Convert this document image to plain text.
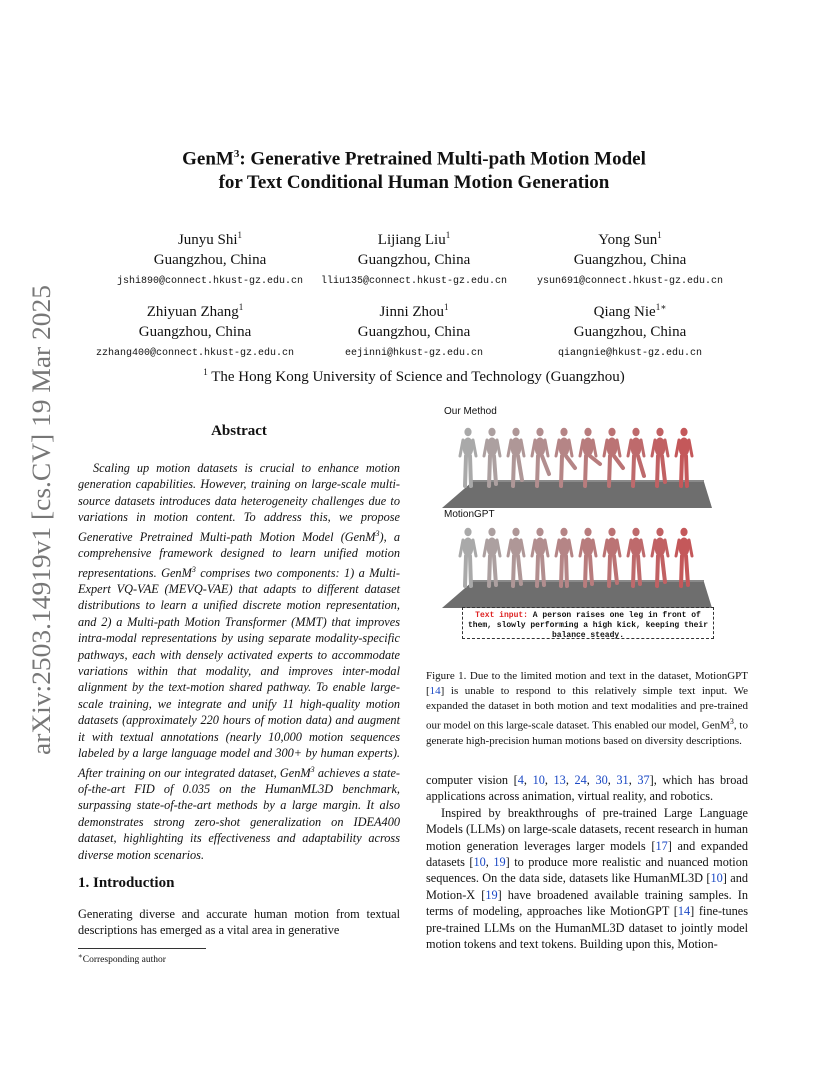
arXiv:2503.14919v1 [cs.CV] 19 Mar 2025
GenM$^3$: Generative Pretrained Multi-path Motion Model
for Text Conditional Human Motion Generation
Junyu Shi$^1$
Guangzhou, China
jshi890@connect.hkust-gz.edu.cn
Lijiang Liu$^1$
Guangzhou, China
lliu135@connect.hkust-gz.edu.cn
Yong Sun$^1$
Guangzhou, China
ysun691@connect.hkust-gz.edu.cn
Zhiyuan Zhang$^1$
Guangzhou, China
zzhang400@connect.hkust-gz.edu.cn
Jinni Zhou$^1$
Guangzhou, China
eejinni@hkust-gz.edu.cn
Qiang Nie$^{1∗}$
Guangzhou, China
qiangnie@hkust-gz.edu.cn
$^1$ The Hong Kong University of Science and Technology (Guangzhou)
Abstract
Scaling up motion datasets is crucial to enhance motion generation capabilities. However, training on large-scale multi-source datasets introduces data heterogeneity challenges due to variations in motion content. To address this, we propose Generative Pretrained Multi-path Motion Model (GenM$^3$), a comprehensive framework designed to learn unified motion representations. GenM$^3$ comprises two components: 1) a Multi-Expert VQ-VAE (MEVQ-VAE) that adapts to different dataset distributions to learn a unified discrete motion representation, and 2) a Multi-path Motion Transformer (MMT) that improves intra-modal representations by using separate modality-specific pathways, each with densely activated experts to accommodate variations within that modality, and improves inter-modal alignment by the text-motion shared pathway. To enable large-scale training, we integrate and unify 11 high-quality motion datasets (approximately 220 hours of motion data) and augment it with textual annotations (nearly 10,000 motion sequences labeled by a large language model and 300+ by human experts). After training on our integrated dataset, GenM$^3$ achieves a state-of-the-art FID of 0.035 on the HumanML3D benchmark, surpassing state-of-the-art methods by a large margin. It also demonstrates strong zero-shot generalization on IDEA400 dataset, highlighting its effectiveness and adaptability across diverse motion scenarios.
1. Introduction
Generating diverse and accurate human motion from textual descriptions has emerged as a vital area in generative
∗Corresponding author
Our Method
MotionGPT
Text input: A person raises one leg in front of them, slowly performing a high kick, keeping their balance steady.
Figure 1. Due to the limited motion and text in the dataset, MotionGPT [14] is unable to respond to this relatively simple text input. We expanded the dataset in both motion and text modalities and pre-trained our model on this large-scale dataset. This enabled our model, GenM$^3$, to generate high-precision human motions based on diversity descriptions.

computer vision [4, 10, 13, 24, 30, 31, 37], which has broad applications across animation, virtual reality, and robotics.

Inspired by breakthroughs of pre-trained Large Language Models (LLMs) on large-scale datasets, recent research in human motion generation leverages larger models [17] and expanded datasets [10, 19] to produce more realistic and nuanced motion sequences. On the data side, datasets like HumanML3D [10] and Motion-X [19] have broadened available training samples. In terms of modeling, approaches like MotionGPT [14] fine-tunes pre-trained LLMs on the HumanML3D dataset to jointly model motion tokens and text tokens. Building upon this, Motion-
